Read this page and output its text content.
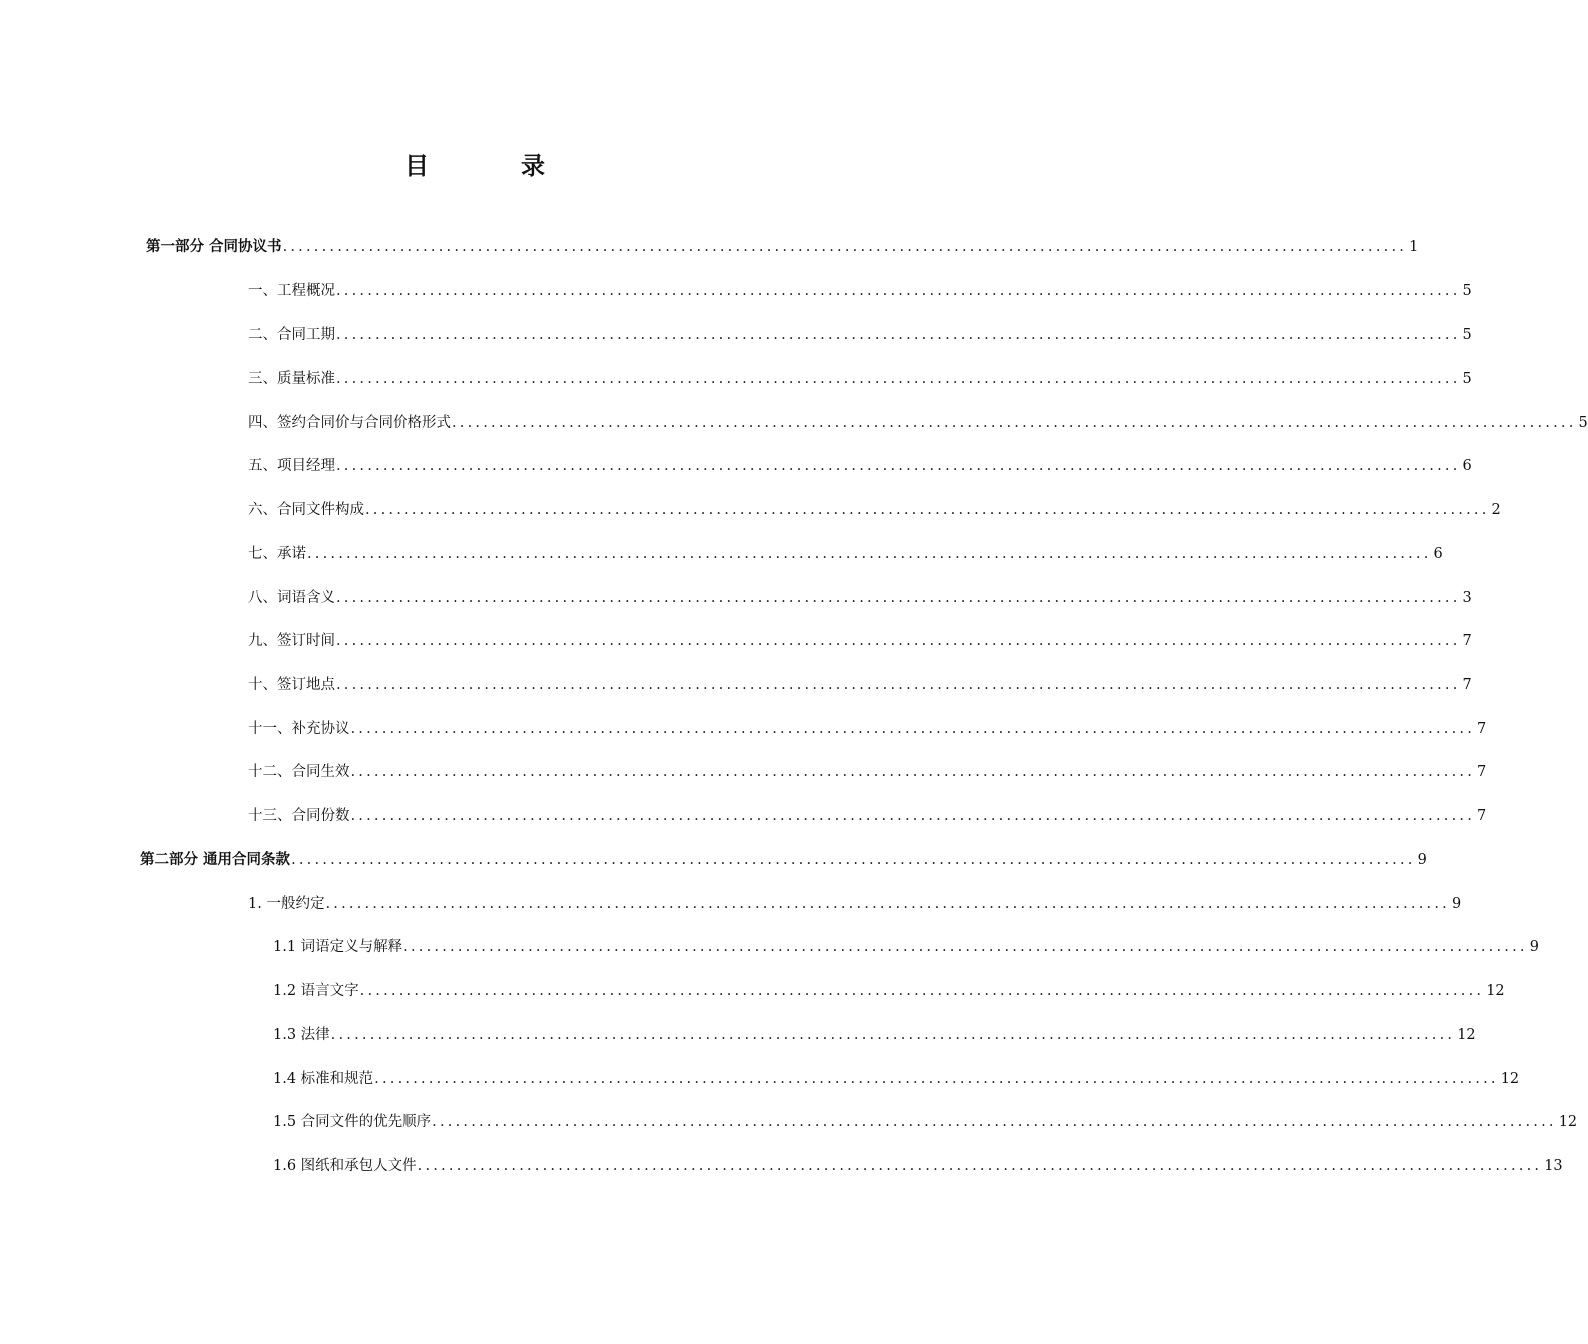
目　录
第一部分 合同协议书 ................................................................................................................................................ 1
一、工程概况 ................................................................................................................................................ 5
二、合同工期 ................................................................................................................................................ 5
三、质量标准 ................................................................................................................................................ 5
四、签约合同价与合同价格形式 ................................................................................................................................................ 5
五、项目经理 ................................................................................................................................................ 6
六、合同文件构成 ................................................................................................................................................ 2
七、承诺 ................................................................................................................................................ 6
八、词语含义 ................................................................................................................................................ 3
九、签订时间 ................................................................................................................................................ 7
十、签订地点 ................................................................................................................................................ 7
十一、补充协议 ................................................................................................................................................ 7
十二、合同生效 ................................................................................................................................................ 7
十三、合同份数 ................................................................................................................................................ 7
第二部分 通用合同条款 ................................................................................................................................................ 9
1. 一般约定 ................................................................................................................................................ 9
1.1 词语定义与解释 ................................................................................................................................................ 9
1.2 语言文字 ................................................................................................................................................ 12
1.3 法律 ................................................................................................................................................ 12
1.4 标准和规范 ................................................................................................................................................ 12
1.5 合同文件的优先顺序 ................................................................................................................................................ 12
1.6 图纸和承包人文件 ................................................................................................................................................ 13
